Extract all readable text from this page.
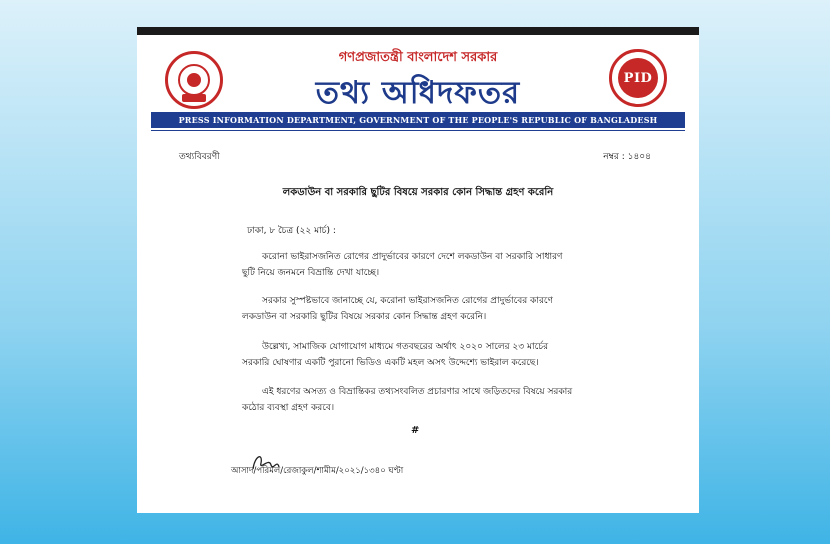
গণপ্রজাতন্ত্রী বাংলাদেশ সরকার
তথ্য অধিদফতর	PID
PRESS INFORMATION DEPARTMENT, GOVERNMENT OF THE PEOPLE'S REPUBLIC OF BANGLADESH
তথ্যবিবরণী	নম্বর : ১৪০৪
লকডাউন বা সরকারি ছুটির বিষয়ে সরকার কোন সিদ্ধান্ত গ্রহণ করেনি
ঢাকা, ৮ চৈত্র (২২ মার্চ) :

করোনা ভাইরাসজনিত রোগের প্রাদুর্ভাবের কারণে দেশে লকডাউন বা সরকারি সাধারণ ছুটি নিয়ে জনমনে বিভ্রান্তি দেখা যাচ্ছে।

সরকার সুস্পষ্টভাবে জানাচ্ছে যে, করোনা ভাইরাসজনিত রোগের প্রাদুর্ভাবের কারণে লকডাউন বা সরকারি ছুটির বিষয়ে সরকার কোন সিদ্ধান্ত গ্রহণ করেনি।

উল্লেখ্য, সামাজিক যোগাযোগ মাধ্যমে গতবছরের অর্থাৎ ২০২০ সালের ২৩ মার্চের সরকারি ঘোষণার একটি পুরানো ভিডিও একটি মহল অসৎ উদ্দেশ্যে ভাইরাল করেছে।

এই ধরণের অসত্য ও বিভ্রান্তিকর তথ্যসংবলিত প্রচারণার সাথে জড়িতদের বিষয়ে সরকার কঠোর ব্যবস্থা গ্রহণ করবে।

#
আসাদ/পরিমল/রেজাকুল/শামীম/২০২১/১৩৪০ ঘণ্টা
